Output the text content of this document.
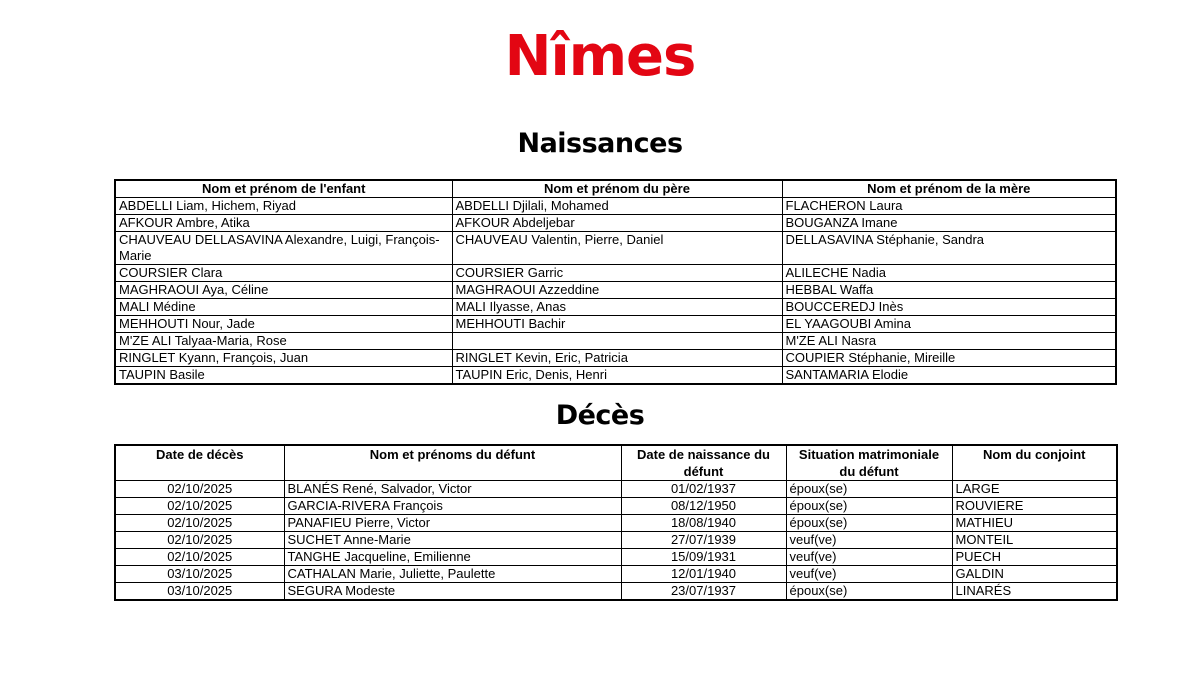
Nîmes
Naissances
Nom et prénom de l'enfant	Nom et prénom du père	Nom et prénom de la mère
ABDELLI Liam, Hichem, Riyad	ABDELLI Djilali, Mohamed	FLACHERON Laura
AFKOUR Ambre, Atika	AFKOUR Abdeljebar	BOUGANZA Imane
CHAUVEAU DELLASAVINA Alexandre, Luigi, François-Marie	CHAUVEAU Valentin, Pierre, Daniel	DELLASAVINA Stéphanie, Sandra
COURSIER Clara	COURSIER Garric	ALILECHE Nadia
MAGHRAOUI Aya, Céline	MAGHRAOUI Azzeddine	HEBBAL Waffa
MALI Médine	MALI Ilyasse, Anas	BOUCCEREDJ Inès
MEHHOUTI Nour, Jade	MEHHOUTI Bachir	EL YAAGOUBI Amina
M'ZE ALI Talyaa-Maria, Rose		M'ZE ALI Nasra
RINGLET Kyann, François, Juan	RINGLET Kevin, Eric, Patricia	COUPIER Stéphanie, Mireille
TAUPIN Basile	TAUPIN Eric, Denis, Henri	SANTAMARIA Elodie
Décès
Date de décès	Nom et prénoms du défunt	Date de naissance du défunt	Situation matrimoniale du défunt	Nom du conjoint
02/10/2025	BLANÉS René, Salvador, Victor	01/02/1937	époux(se)	LARGE
02/10/2025	GARCIA-RIVERA François	08/12/1950	époux(se)	ROUVIERE
02/10/2025	PANAFIEU Pierre, Victor	18/08/1940	époux(se)	MATHIEU
02/10/2025	SUCHET Anne-Marie	27/07/1939	veuf(ve)	MONTEIL
02/10/2025	TANGHE Jacqueline, Emilienne	15/09/1931	veuf(ve)	PUECH
03/10/2025	CATHALAN Marie, Juliette, Paulette	12/01/1940	veuf(ve)	GALDIN
03/10/2025	SEGURA Modeste	23/07/1937	époux(se)	LINARÉS
